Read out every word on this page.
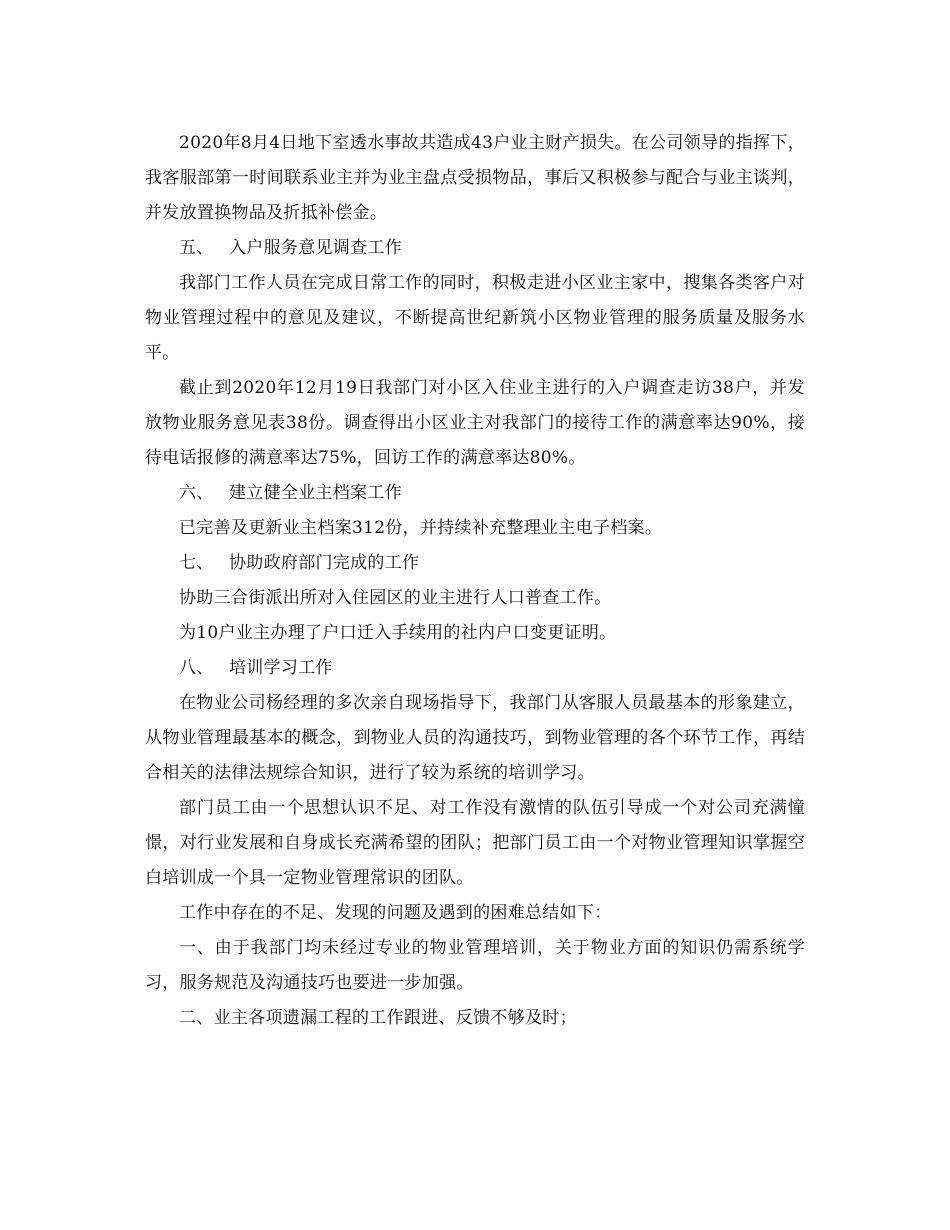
2020年8月4日地下室透水事故共造成43户业主财产损失。在公司领导的指挥下，我客服部第一时间联系业主并为业主盘点受损物品，事后又积极参与配合与业主谈判，并发放置换物品及折抵补偿金。

五、 入户服务意见调查工作

我部门工作人员在完成日常工作的同时，积极走进小区业主家中，搜集各类客户对物业管理过程中的意见及建议，不断提高世纪新筑小区物业管理的服务质量及服务水平。

截止到2020年12月19日我部门对小区入住业主进行的入户调查走访38户，并发放物业服务意见表38份。调查得出小区业主对我部门的接待工作的满意率达90%，接待电话报修的满意率达75%，回访工作的满意率达80%。

六、 建立健全业主档案工作

已完善及更新业主档案312份，并持续补充整理业主电子档案。

七、 协助政府部门完成的工作

协助三合街派出所对入住园区的业主进行人口普查工作。

为10户业主办理了户口迁入手续用的社内户口变更证明。

八、 培训学习工作

在物业公司杨经理的多次亲自现场指导下，我部门从客服人员最基本的形象建立，从物业管理最基本的概念，到物业人员的沟通技巧，到物业管理的各个环节工作，再结合相关的法律法规综合知识，进行了较为系统的培训学习。

部门员工由一个思想认识不足、对工作没有激情的队伍引导成一个对公司充满憧憬，对行业发展和自身成长充满希望的团队；把部门员工由一个对物业管理知识掌握空白培训成一个具一定物业管理常识的团队。

工作中存在的不足、发现的问题及遇到的困难总结如下：

一、由于我部门均未经过专业的物业管理培训，关于物业方面的知识仍需系统学习，服务规范及沟通技巧也要进一步加强。

二、业主各项遗漏工程的工作跟进、反馈不够及时；
